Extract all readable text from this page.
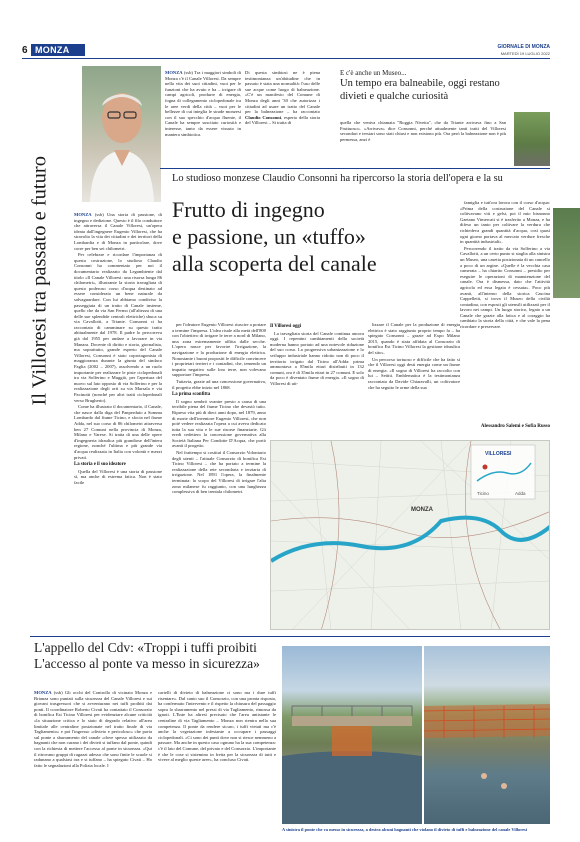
6 MONZA	GIORNALE DI MONZA
MARTEDÌ 19 LUGLIO 2022
Il Villoresi tra passato e futuro
MONZA (ssb) Tra i maggiori simboli di Monza c'è il Canale Villoresi. Da sempre nella vita dei suoi cittadini, vuoi per le funzioni che ha avuto e ha – irrigare di campi agricoli, produrre di energia, fogna di collegamento ciclopedonale tra le aree verdi della città – vuoi per le bellezze di cui integlia le strade monzesi con il suo specchio d'acqua fluente, il Canale ha sempre suscitato curiosità e interesse, tanto da essere vissuto in maniera simbiotica.
Di questa simbiosi ne è piena testimonianza un'abitudine che in passato è stata una normalità: l'uso delle sue acque come luogo di balneazione. «C'è un manifesto del Comune di Monza degli anni '30 che autorizza i cittadini ad usare un tratto del Canale per la balneazione – ha raccontato Claudio Consonni, esperto della storia del Villoresi – Si tratta di
E c'è anche un Museo...
Un tempo era balneabile, oggi restano divieti e qualche curiosità
quella che veniva chiamata "Roggia Nivetta", che da Triante arrivava fino a San Fruttuoso». «Arrivava» dice Consonni, perché attualmente tanti tratti del Villoresi secondari e tersiari sono stati chiusi e non esistono più. Ora però la balneazione non è più permessa, anzi è
Lo studioso monzese Claudio Consonni ha ripercorso la storia dell'opera e la su
Frutto di ingegno
e passione, un «tuffo»
alla scoperta del canale

MONZA (ssb) Una storia di passione, di ingegno e dedizione. Questo è il filo conduttore che attraversa il Canale Villoresi, un'opera ideata dall'ingegnere Eugenio Villoresi, che ha stravolto la vita dei cittadini e dei territori della Lombardia e di Monza in particolare, dove corre per ben sei chilometri.

Per celebrare e ricordare l'importanza di questa costruzione, lo studioso Claudio Consonni ha commentato per noi il documentario realizzato da Legambiente dal titolo «Il Canale Villoresi: una risorsa lunga 86 chilometri», illustrante la storia travagliata di questo poderoso corso d'acqua destinato ad essere considerato un bene naturale da salvaguardare. Con lui abbiamo condiviso la passeggiata di un tratto di Canale insieme, quello che da via San Fermo (all'altezza di una delle sue splendide centrali elettriche) sbuca su via Cavallotti, a Triante. Consonni ci ha raccontato di camminare su questo tratto abitualmente dal 1978. Il padre lo percorreva già dal 1955 per andare a lavorare in via Manara. Docente di diritto e storia, giornalista, ma soprattutto, grande esperto del Canale Villoresi, Consonni è stato coprotagonista di maggioranza durante la giunta del sindaco Faglia (2002 – 2007), assolvendo a un ruolo importante per realizzare le piste ciclopedonali tra via Solferino e Muggiò, per l'apertura del nuovo sul lato opposto di via Solferino e per la realizzazione degli orti su via Marsala e via Pacinotti (nonché per altri tratti ciclopedonali verso Brugherio).

Come ha illustrato il documentario, il Canale, che nasce dalla diga del Panperduto a Somma Lombardo dal fiume Ticino, e sfocia nel fiume Adda, nel suo corso di 86 chilometri attraversa ben 27 Comuni nella provincia di Monza, Milano e Varese. Si tratta di una delle opere d'ingegneria idraulica più grandiose dell'intera regione, nonché l'ultima e più grande via d'acqua realizzata in Italia con volontà e mezzi privati.

La storia e il suo ideatore

Quella del Villoresi è una storia di passione sì, ma anche di estrema fatica. Non è stato facile

per l'ideatore Eugenio Villoresi riuscire a portare a termine l'impresa. L'idea risale alla metà dell'800 con l'obiettivo di irrigare le terre a nord di Milano, una zona estremamente affitta dalle secche. L'opera nasce per favorire l'irrigazione, la navigazione e la produzione di energia elettrica. Nonostante i buoni propositi le difficile convincere i proprietari terrieri e i contadini, che, temendo un impatto negativo sulle loro terre, non volevano supportare l'impresa.

Tuttavia, grazie ad una concessione governativa, il progetto ebbe inizio nel 1868.

La prima sconfitta

Il sogno sembrò svanire presto a causa di una terribile piena del fiume Ticino che devastò tutto. Ripreso vita più di dieci anni dopo, nel 1879, anno di morte dell'inventore Eugenio Villoresi, che non poté vedere realizzata l'opera a cui aveva dedicato tutta la sua vita e le sue risorse finanziarie. Gli eredi cedettero la concessione governativa alla Società Italiana Per Condotte D'Acqua, che portò avanti il progetto.

Nel frattempo si costituì il Consorzio Volontario degli utenti – l'attuale Consorzio di bonifica Est Ticino Villoresi – che ha portato a termine la realizzazione della rete secondaria e terziaria di irrigazione. Nel 1891 l'opera, la finalmente terminata: lo scopo del Villoresi di irrigare l'alta zona milanese fu raggiunto, con una lunghezza complessiva di ben trentala chilometri.

Il Villoresi oggi

La travagliata storia del Canale continua ancora oggi. I repentini cambiamenti della società moderna hanno portato ad una notevole riduzione del suo corso. La progressiva urbanizzazione e lo sviluppo industriale hanno ridotto non di poco il territorio irrigato dal Ticino all'Adda: prima ammontava a 85mila ettari distribuiti in 132 comuni, ora è di 35mila ettari in 27 comuni. E solo da poco è diventato fiume di energia. «Il sogno di Villoresi di uti-

lizzare il Canale per la produzione di energia elettrica è stato raggiunto proprio tempo fa – ha spiegato Consonni – grazie ad Expo Milano 2015, quando è stata affidata al Consorzio di bonifica Est Ticino Villoresi la gestione idraulica del sito».

Un percorso tortuoso e difficile che ha fatto sì che il Villoresi oggi desti energia come un fiume di energia. «Il sogno di Villoresi ha raccolto con lui – Settiti. Emblematica è la testimonianza raccontata da Davide Chiaravalli, un coltivatore che ha seguito le orme della sua

famiglia e tutt'ora lavora con il corso d'acqua: «Prima della costruzione del Canale si coltivavano viti e gelsi, poi il mio bisnonno Gaetano Vimercati si è trasferito a Monza, e ha difeso un tanto per coltivare la verdura che richiedeva grandi quantità d'acqua, così quasi ogni giorno portava al mercato verdure fresche in quantità industriali».

Percorrendo il tratto da via Solferino a via Cavallotti, a un certo punto si staglia alla sinistra un Museo, una casetta posizionata di un cancello a poco di un argine. «Quelle è la vecchia casa camerata – ha chiarito Consonni – presidio per eseguire le operazioni di manutenzione del canale. Ora è dismessa, dato che l'attività agricola ed essa legata è cessata». Poco più avanti, all'interno della storica Cascina Cappelletti, si trova il Museo della civiltà contadina, con esposti gli utensili utilizzati per il lavoro nei campi. Un luogo storico, legato a un Canale che grazie alla fatica e al coraggio ha cambiato la storia della città, e che vale la pena ricordare e preservare.

Alessandro Salemi e Sofia Russo
VILLORESI
MONZA
Ticino	Adda
L'appello del Cdv: «Troppi i tuffi proibiti
L'accesso al ponte va messo in sicurezza»
MONZA (ssb) Gli occhi del Controllo di vicinato Monza e Brianza sono puntati sulla sicurezza del Canale Villoresi e sui giovani trasgressori che si avventurano nei tuffi proibiti dai ponti. Il coordinatore Roberto Civati ha contattato il Consorzio di bonifica Est Ticino Villoresi per evidenziare alcune criticità «la situazione critica e lo stato di degrado relativo all'area limitale alle centraline posizionate nel tratto finale di via Tagliamento» e poi l'ingresso «divieto e pericoloso» che porta sul ponte a sbarramento del canale «dove spesso utilizzato da bagnanti che non curano i dei divieti si tuffano dal ponte, quindi con la richiesta di mettere l'accesso al ponte in sicurezza. «Qui il ritrovano gruppi di ragazzi adesso che sono finite le scuole si radunano a qualsiasi ora e si tuffano – ha spiegato Civati – Ho fatto le segnalazioni alla Polizia locale. I
cartelli di divieto di balneazione ci sono ma i dure tuffi risentare». Dal canto suo il Consorzio, con una pronta risposta, ha confermato l'intervento e il rispetto la chiusura del passaggio sopra lo sbarramento nel pressi di via Tagliamento, rimossa da ignoti. L'Ente ha altresì precisato che l'area antistante le centraline di via Tagliamento – Monza non rientra nella sua competenza. Il ponte da rendere sicuro, i tuffi vietati ma c'è anche la vegetazione infestante a occupare i passaggi ciclopedonali. «Ci sono dei punti dove non si riesce nemmeno a passare. Ma anche in questo caso ognuno ha la sua competenza: c'è il lato del Comune, del privato e del Consorzio. L'importante è che le cose si sistemino in fretta per la sicurezza di tutti e vivere al meglio queste aree», ha concluso Civati.
A sinistra il ponte che va messo in sicurezza, a destra alcuni bagnanti che violano il divieto di tuffi e balneazione del canale Villoresi
